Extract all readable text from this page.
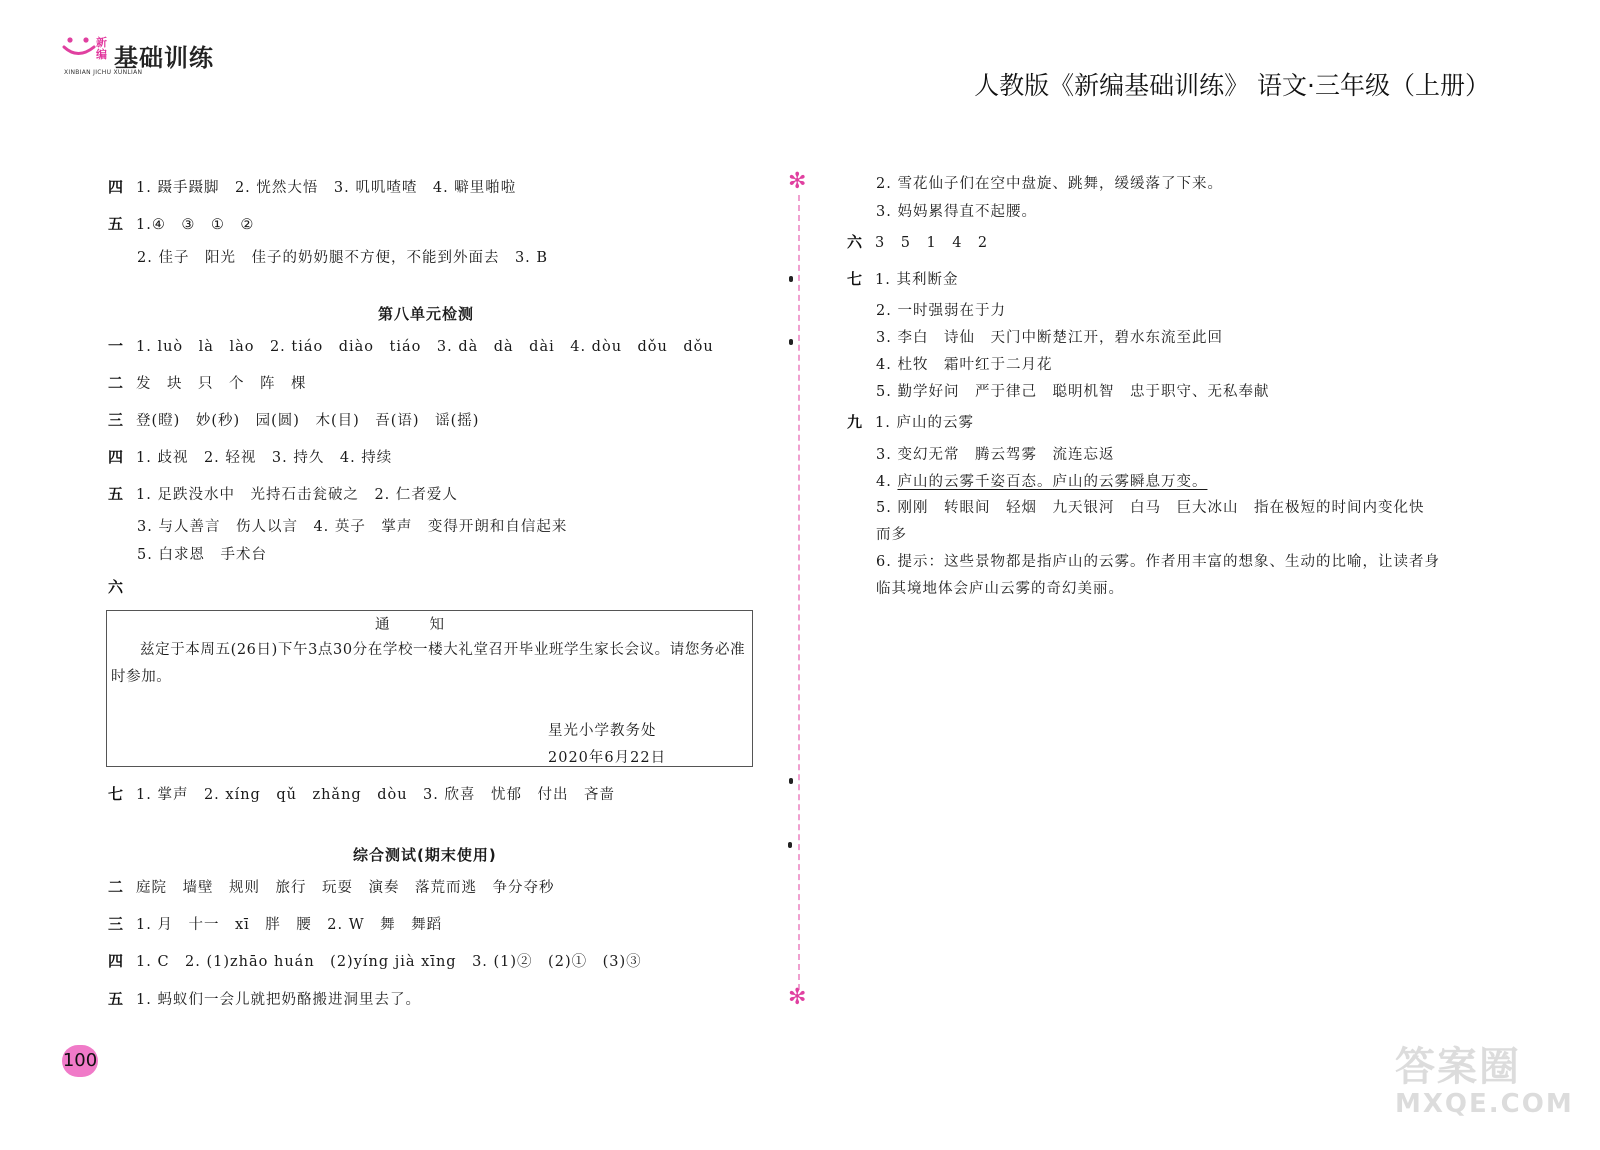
新
编 基础训练
XINBIAN JICHU XUNLIAN	人教版《新编基础训练》 语文·三年级（上册）
四 1. 蹑手蹑脚　2. 恍然大悟　3. 叽叽喳喳　4. 噼里啪啦
五 1.④　③　①　②
2. 佳子　阳光　佳子的奶奶腿不方便，不能到外面去　3. B
第八单元检测
一 1. luò　là　lào　2. tiáo　diào　tiáo　3. dà　dà　dài　4. dòu　dǒu　dǒu
二 发　块　只　个　阵　棵
三 登(瞪)　妙(秒)　园(圆)　木(目)　吾(语)　谣(摇)
四 1. 歧视　2. 轻视　3. 持久　4. 持续
五 1. 足跌没水中　光持石击瓮破之　2. 仁者爱人
3. 与人善言　伤人以言　4. 英子　掌声　变得开朗和自信起来
5. 白求恩　手术台
六
通知
兹定于本周五(26日)下午3点30分在学校一楼大礼堂召开毕业班学生家长会议。请您务必准时参加。
星光小学教务处
2020年6月22日
七 1. 掌声　2. xíng　qǔ　zhǎng　dòu　3. 欣喜　忧郁　付出　吝啬
综合测试(期末使用)
二 庭院　墙壁　规则　旅行　玩耍　演奏　落荒而逃　争分夺秒
三 1. 月　十一　xī　胖　腰　2. W　舞　舞蹈
四 1. C　2. (1)zhāo huán　(2)yíng jià xīng　3. (1)②　(2)①　(3)③
五 1. 蚂蚁们一会儿就把奶酪搬进洞里去了。
✻
✻
2. 雪花仙子们在空中盘旋、跳舞，缓缓落了下来。
3. 妈妈累得直不起腰。
六 3　5　1　4　2
七 1. 其利断金
2. 一时强弱在于力
3. 李白　诗仙　天门中断楚江开，碧水东流至此回
4. 杜牧　霜叶红于二月花
5. 勤学好问　严于律己　聪明机智　忠于职守、无私奉献
九 1. 庐山的云雾
3. 变幻无常　腾云驾雾　流连忘返
4. 庐山的云雾千姿百态。庐山的云雾瞬息万变。
5. 刚刚　转眼间　轻烟　九天银河　白马　巨大冰山　指在极短的时间内变化快
而多
6. 提示：这些景物都是指庐山的云雾。作者用丰富的想象、生动的比喻，让读者身
临其境地体会庐山云雾的奇幻美丽。
100	答案圈
MXQE.COM
